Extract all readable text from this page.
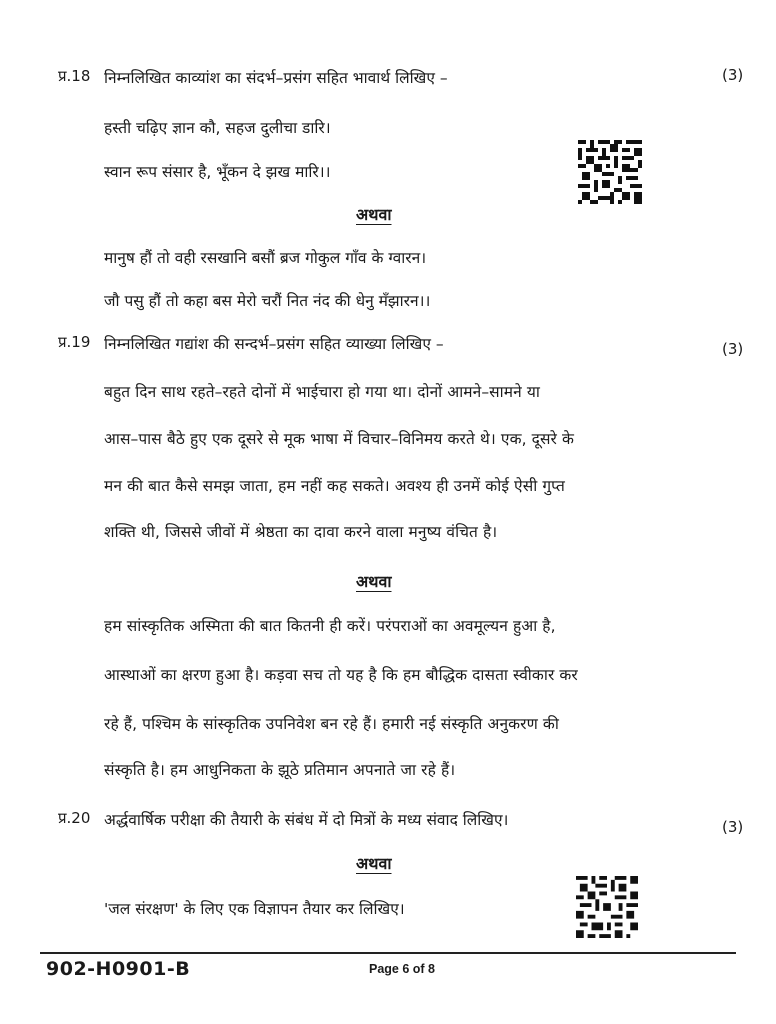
प्र.18 निम्नलिखित काव्यांश का संदर्भ–प्रसंग सहित भावार्थ लिखिए –	(3)
हस्ती चढ़िए ज्ञान कौ, सहज दुलीचा डारि।
स्वान रूप संसार है, भूँकन दे झख मारि।।
अथवा
मानुष हौं तो वही रसखानि बसौं ब्रज गोकुल गाँव के ग्वारन।
जौ पसु हौं तो कहा बस मेरो चरौं नित नंद की धेनु मँझारन।।
प्र.19 निम्नलिखित गद्यांश की सन्दर्भ–प्रसंग सहित व्याख्या लिखिए –	(3)
बहुत दिन साथ रहते–रहते दोनों में भाईचारा हो गया था। दोनों आमने–सामने या
आस–पास बैठे हुए एक दूसरे से मूक भाषा में विचार–विनिमय करते थे। एक, दूसरे के
मन की बात कैसे समझ जाता, हम नहीं कह सकते। अवश्य ही उनमें कोई ऐसी गुप्त
शक्ति थी, जिससे जीवों में श्रेष्ठता का दावा करने वाला मनुष्य वंचित है।
अथवा
हम सांस्कृतिक अस्मिता की बात कितनी ही करें। परंपराओं का अवमूल्यन हुआ है,
आस्थाओं का क्षरण हुआ है। कड़वा सच तो यह है कि हम बौद्धिक दासता स्वीकार कर
रहे हैं, पश्चिम के सांस्कृतिक उपनिवेश बन रहे हैं। हमारी नई संस्कृति अनुकरण की
संस्कृति है। हम आधुनिकता के झूठे प्रतिमान अपनाते जा रहे हैं।
प्र.20 अर्द्धवार्षिक परीक्षा की तैयारी के संबंध में दो मित्रों के मध्य संवाद लिखिए।	(3)
अथवा
'जल संरक्षण' के लिए एक विज्ञापन तैयार कर लिखिए।
902-H0901-B	Page 6 of 8
